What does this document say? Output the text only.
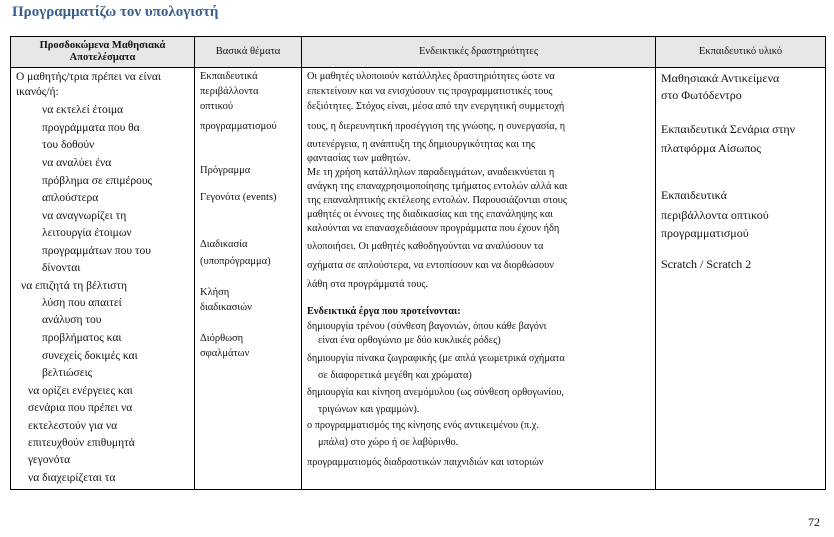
Προγραμματίζω τον υπολογιστή
Προσδοκώμενα Μαθησιακά Αποτελέσματα
Ο μαθητής/τρια πρέπει να είναι
ικανός/ή:
να εκτελεί έτοιμα
προγράμματα που θα
του δοθούν
να αναλύει ένα
πρόβλημα σε επιμέρους
απλούστερα
να αναγνωρίζει τη
λειτουργία έτοιμων
προγραμμάτων που του
δίνονται
να επιζητά τη βέλτιστη
λύση που απαιτεί
ανάλυση του
προβλήματος και
συνεχείς δοκιμές και
βελτιώσεις
να ορίζει ενέργειες και
σενάρια που πρέπει να
εκτελεστούν για να
επιτευχθούν επιθυμητά
γεγονότα
να διαχειρίζεται τα
Βασικά θέματα
Εκπαιδευτικά
περιβάλλοντα
οπτικού
προγραμματισμού
Πρόγραμμα
Γεγονότα (events)
Διαδικασία
(υποπρόγραμμα)
Κλήση
διαδικασιών
Διόρθωση
σφαλμάτων
Ενδεικτικές δραστηριότητες
Οι μαθητές υλοποιούν κατάλληλες δραστηριότητες ώστε να
επεκτείνουν και να ενισχύσουν τις προγραμματιστικές τους
δεξιότητες. Στόχος είναι, μέσα από την ενεργητική συμμετοχή
τους, η διερευνητική προσέγγιση της γνώσης, η συνεργασία, η
αυτενέργεια, η ανάπτυξη της δημιουργικότητας και της
φαντασίας των μαθητών.
Με τη χρήση κατάλληλων παραδειγμάτων, αναδεικνύεται η
ανάγκη της επαναχρησιμοποίησης τμήματος εντολών αλλά και
της επαναληπτικής εκτέλεσης εντολών. Παρουσιάζονται στους
μαθητές οι έννοιες της διαδικασίας και της επανάληψης και
καλούνται να επανασχεδιάσουν προγράμματα που έχουν ήδη
υλοποιήσει. Οι μαθητές καθοδηγούνται να αναλύσουν τα
σχήματα σε απλούστερα, να εντοπίσουν και να διορθώσουν
λάθη στα προγράμματά τους.
Ενδεικτικά έργα που προτείνονται:
δημιουργία τρένου (σύνθεση βαγονιών, όπου κάθε βαγόνι
είναι ένα ορθογώνιο με δύο κυκλικές ρόδες)
δημιουργία πίνακα ζωγραφικής (με απλά γεωμετρικά σχήματα
σε διαφορετικά μεγέθη και χρώματα)
δημιουργία και κίνηση ανεμόμυλου (ως σύνθεση ορθογωνίου,
τριγώνων και γραμμών).
ο προγραμματισμός της κίνησης ενός αντικειμένου (π.χ.
μπάλα) στο χώρο ή σε λαβύρινθο.
προγραμματισμός διαδραστικών παιχνιδιών και ιστοριών
Εκπαιδευτικό υλικό
Μαθησιακά Αντικείμενα
στο Φωτόδεντρο
Εκπαιδευτικά Σενάρια στην
πλατφόρμα Αίσωπος
Εκπαιδευτικά
περιβάλλοντα οπτικού
προγραμματισμού
Scratch / Scratch 2
72
